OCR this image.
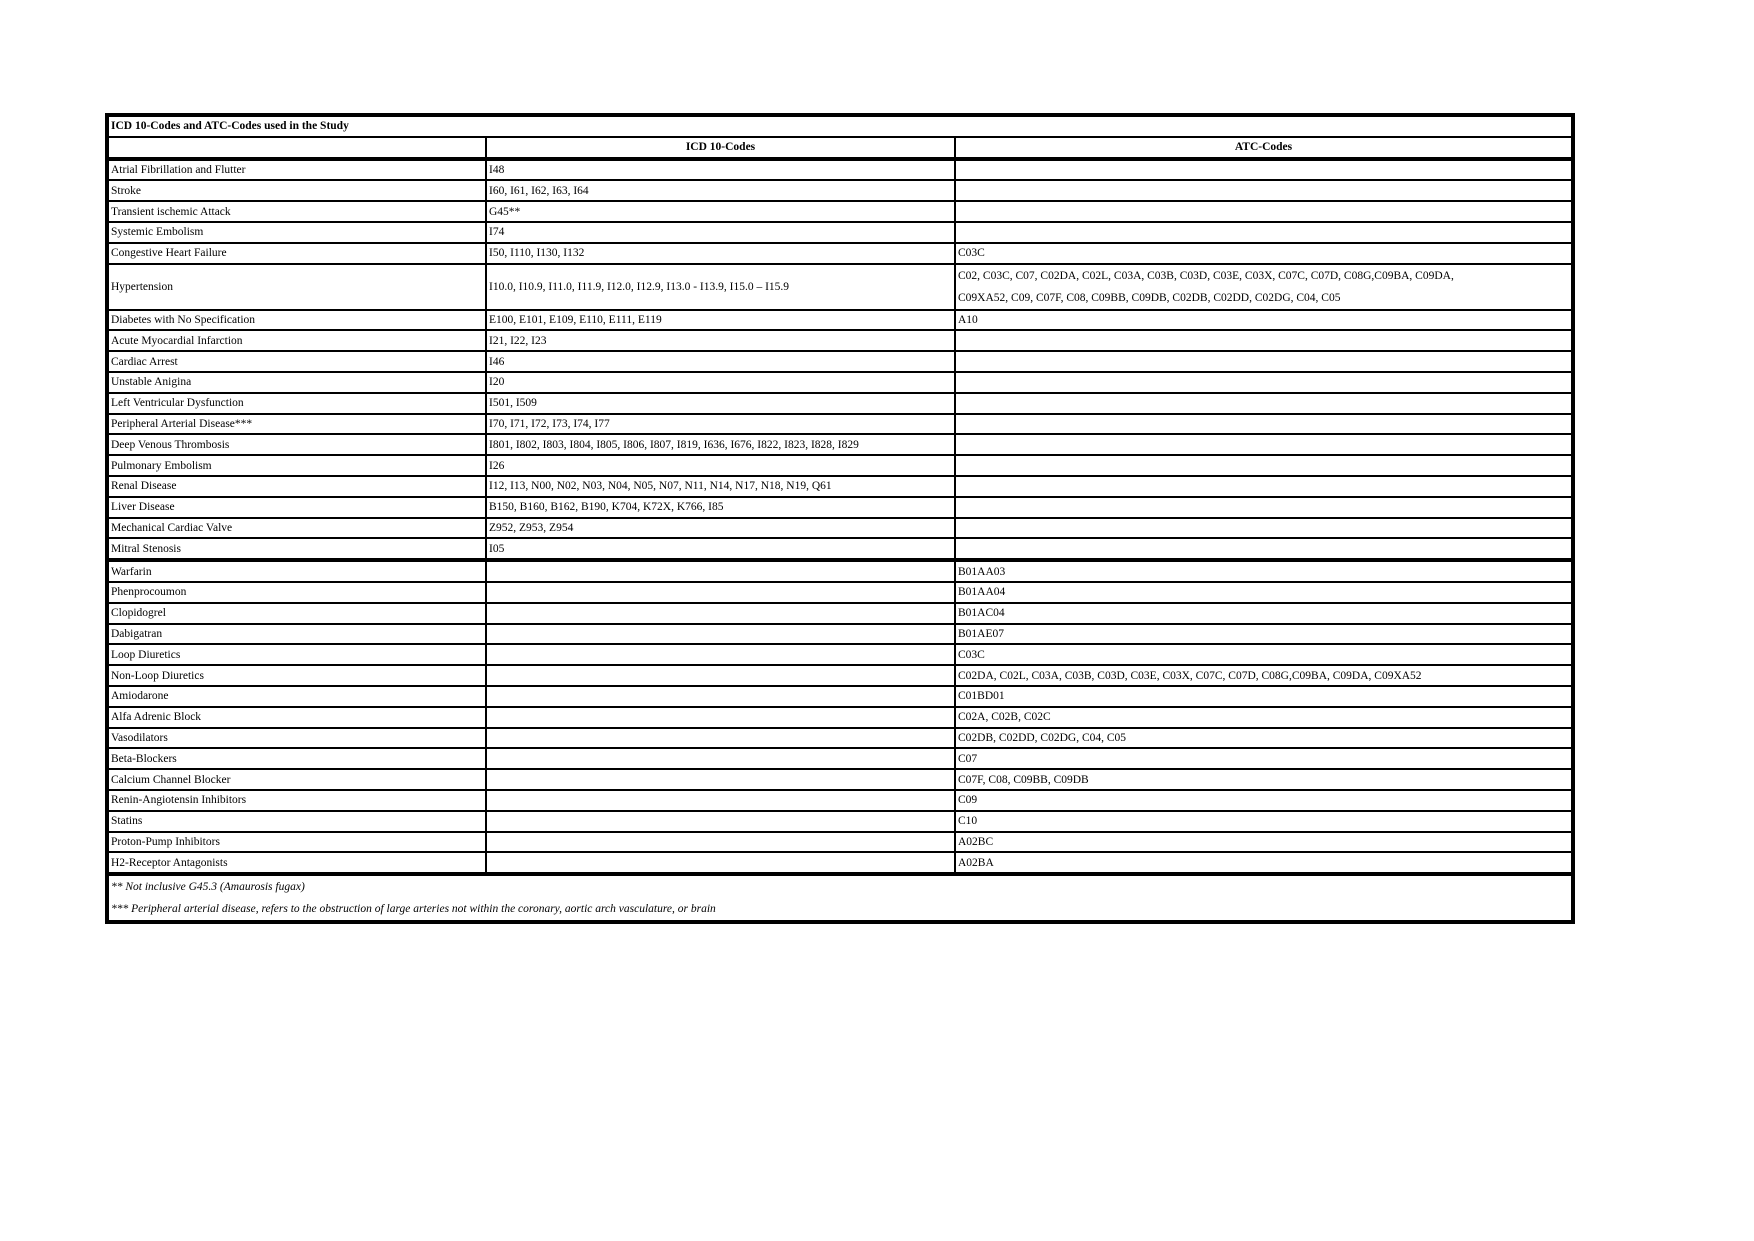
ICD 10-Codes and ATC-Codes used in the Study		
	ICD 10-Codes	ATC-Codes
Atrial Fibrillation and Flutter	I48	
Stroke	I60, I61, I62, I63, I64	
Transient ischemic Attack	G45**	
Systemic Embolism	I74	
Congestive Heart Failure	I50, I110, I130, I132	C03C
Hypertension	I10.0, I10.9, I11.0, I11.9, I12.0, I12.9, I13.0 - I13.9, I15.0 – I15.9	C02, C03C, C07, C02DA, C02L, C03A, C03B, C03D, C03E, C03X, C07C, C07D, C08G,C09BA, C09DA,
C09XA52, C09, C07F, C08, C09BB, C09DB, C02DB, C02DD, C02DG, C04, C05

Diabetes with No Specification	E100, E101, E109, E110, E111, E119	A10
Acute Myocardial Infarction	I21, I22, I23	
Cardiac Arrest	I46	
Unstable Anigina	I20	
Left Ventricular Dysfunction	I501, I509	
Peripheral Arterial Disease***	I70, I71, I72, I73, I74, I77	
Deep Venous Thrombosis	I801, I802, I803, I804, I805, I806, I807, I819, I636, I676, I822, I823, I828, I829	
Pulmonary Embolism	I26	
Renal Disease	I12, I13, N00, N02, N03, N04, N05, N07, N11, N14, N17, N18, N19, Q61	
Liver Disease	B150, B160, B162, B190, K704, K72X, K766, I85	
Mechanical Cardiac Valve	Z952, Z953, Z954	
Mitral Stenosis	I05	
Warfarin		B01AA03
Phenprocoumon		B01AA04
Clopidogrel		B01AC04
Dabigatran		B01AE07
Loop Diuretics		C03C
Non-Loop Diuretics		C02DA, C02L, C03A, C03B, C03D, C03E, C03X, C07C, C07D, C08G,C09BA, C09DA, C09XA52
Amiodarone		C01BD01
Alfa Adrenic Block		C02A, C02B, C02C
Vasodilators		C02DB, C02DD, C02DG, C04, C05
Beta-Blockers		C07
Calcium Channel Blocker		C07F, C08, C09BB, C09DB
Renin-Angiotensin Inhibitors		C09
Statins		C10
Proton-Pump Inhibitors		A02BC
H2-Receptor Antagonists		A02BA
** Not inclusive G45.3 (Amaurosis fugax)		
*** Peripheral arterial disease, refers to the obstruction of large arteries not within the coronary, aortic arch vasculature, or brain		
